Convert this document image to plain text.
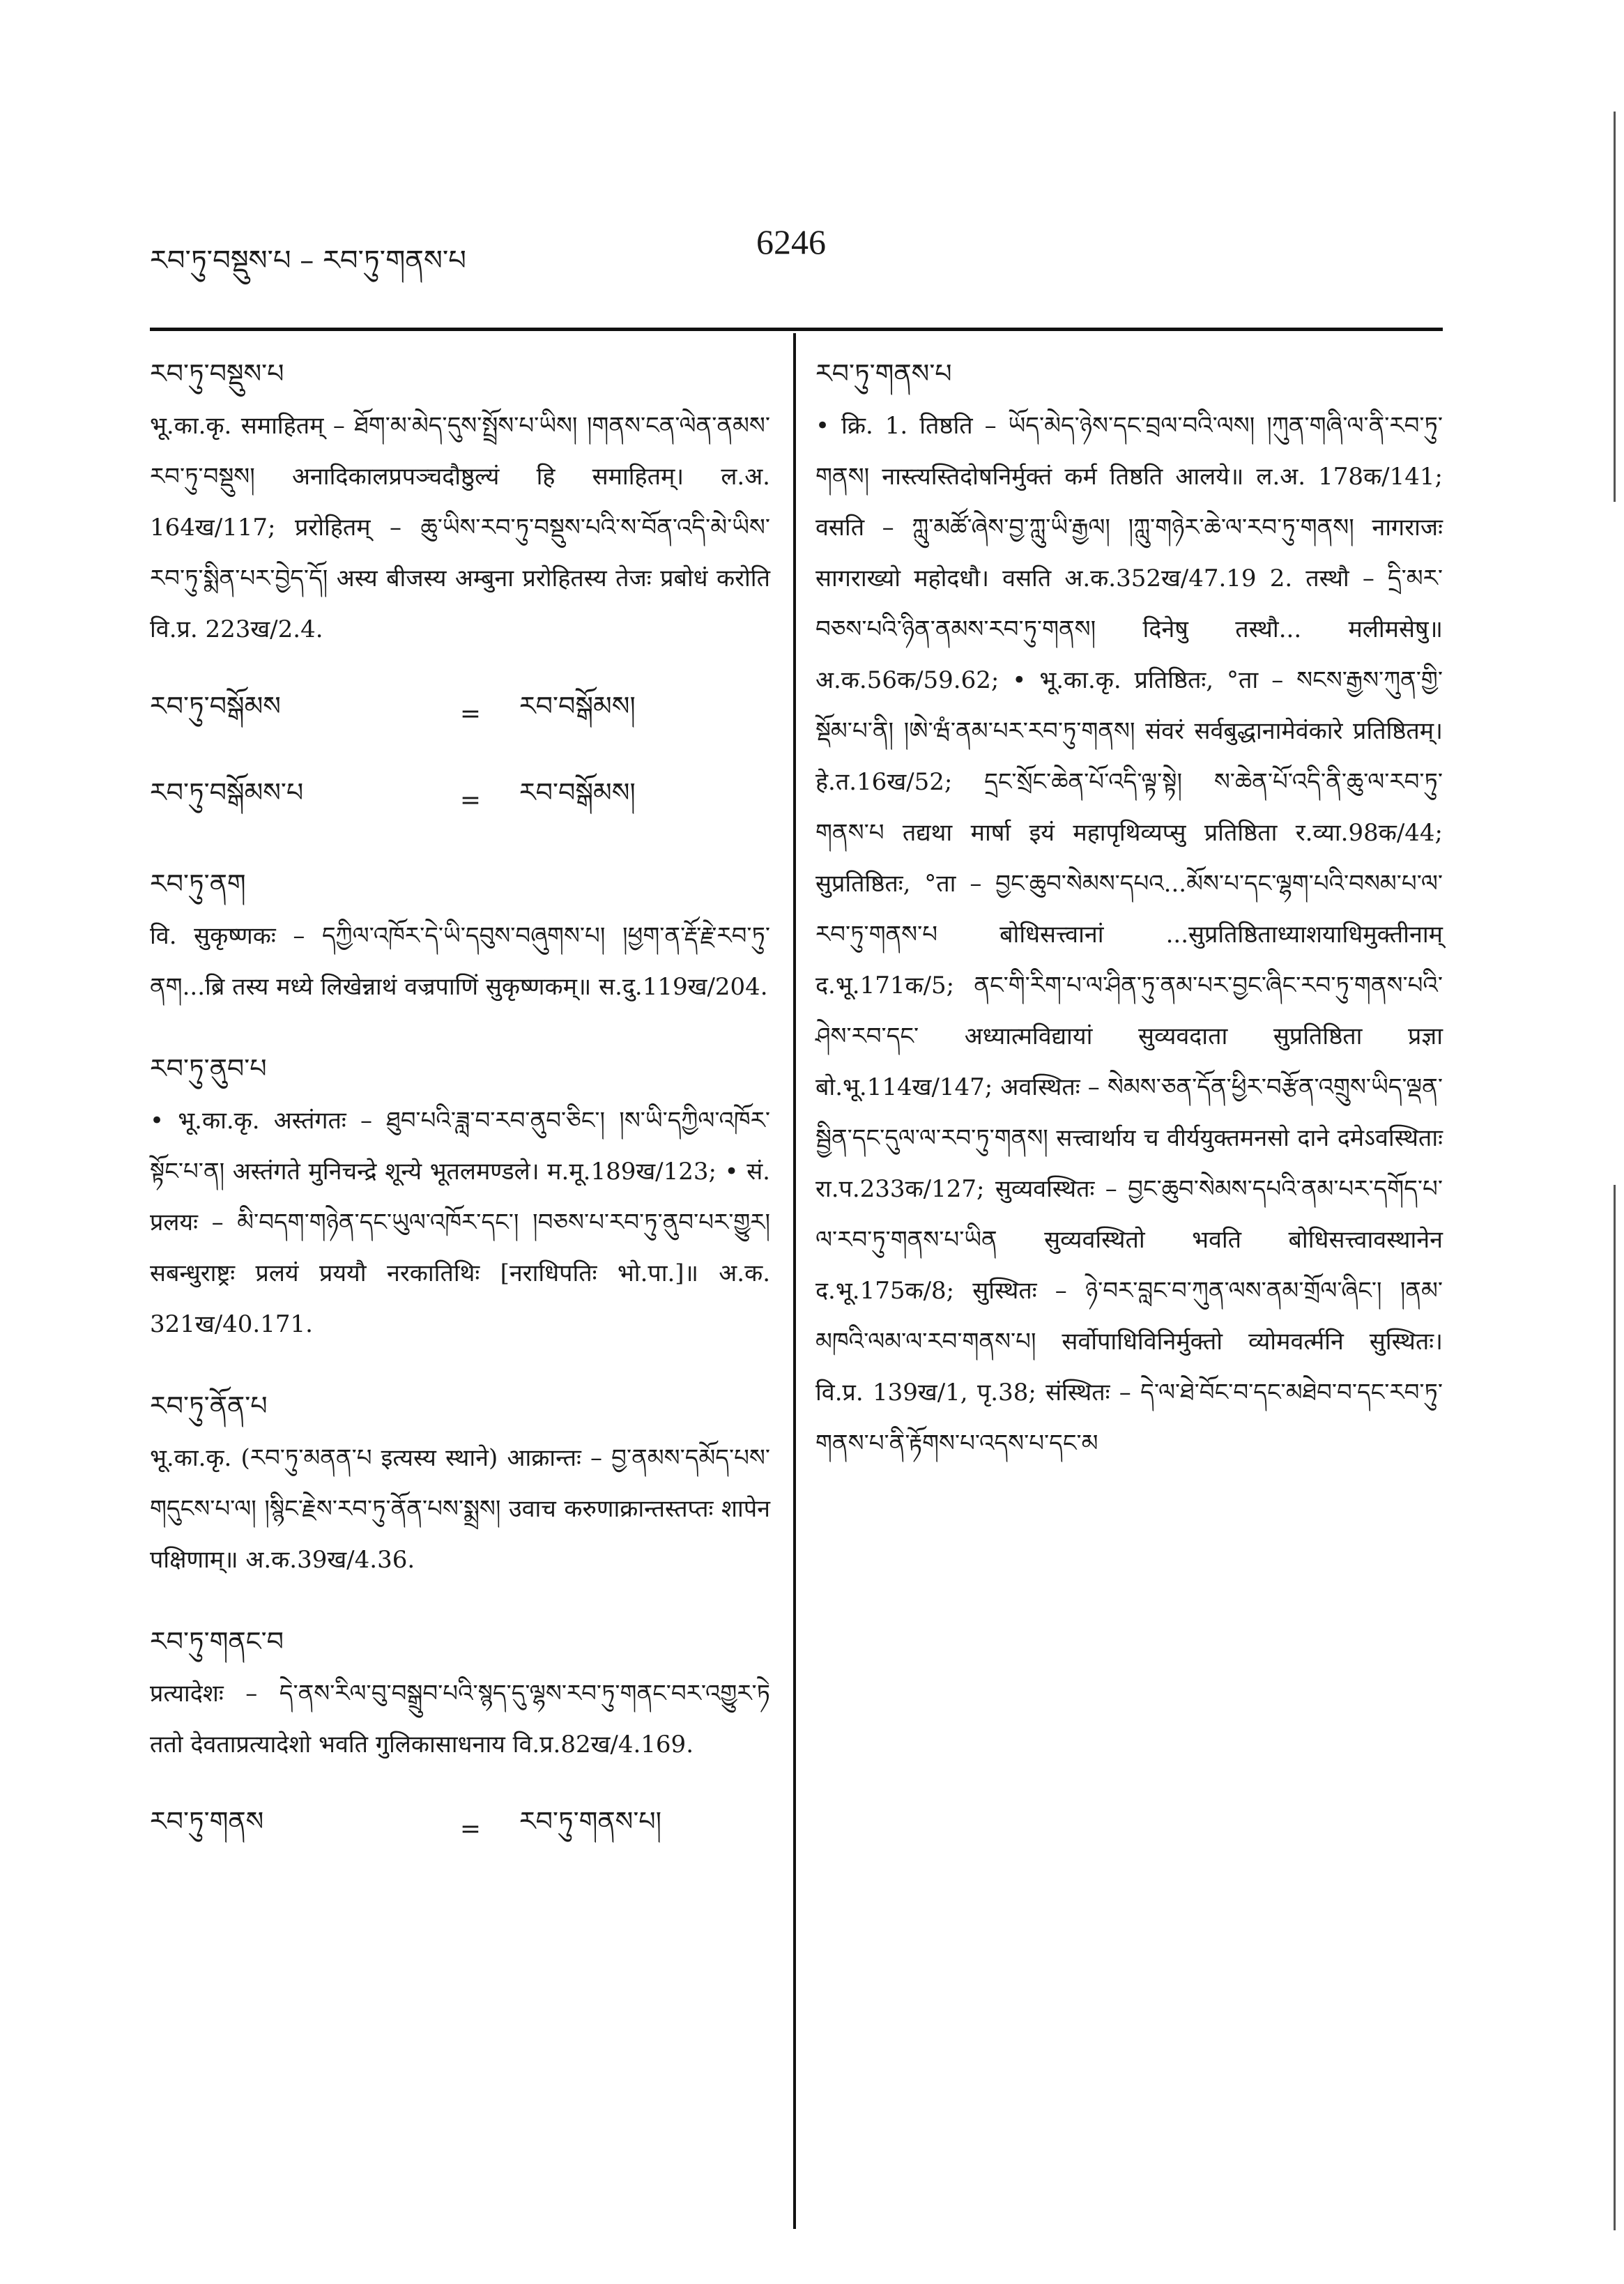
རབ་ཏུ་བསྡུས་པ – རབ་ཏུ་གནས་པ	6246
རབ་ཏུ་བསྡུས་པ
भू.का.कृ. समाहितम् – ཐོག་མ་མེད་དུས་སྤྲོས་པ་ཡིས། །གནས་ངན་ལེན་ནམས་རབ་ཏུ་བསྡུས། अनादिकालप्रपञ्चदौष्ठुल्यं हि समाहितम्। ल.अ. 164ख/117; प्ररोहितम् – ཆུ་ཡིས་རབ་ཏུ་བསྡུས་པའི་ས་བོན་འདི་མེ་ཡིས་རབ་ཏུ་སྨིན་པར་བྱེད་དོ། अस्य बीजस्य अम्बुना प्ररोहितस्य तेजः प्रबोधं करोति वि.प्र. 223ख/2.4.
རབ་ཏུ་བསྒོམས	=	རབ་བསྒོམས།
རབ་ཏུ་བསྒོམས་པ	=	རབ་བསྒོམས།
རབ་ཏུ་ནག
वि. सुकृष्णकः – དཀྱིལ་འཁོར་དེ་ཡི་དབུས་བཞུགས་པ། །ཕྱག་ན་རྡོ་རྗེ་རབ་ཏུ་ནག...ब्रि तस्य मध्ये लिखेन्नाथं वज्रपाणिं सुकृष्णकम्॥ स.दु.119ख/204.
རབ་ཏུ་ནུབ་པ
• भू.का.कृ. अस्तंगतः – ཐུབ་པའི་ཟླ་བ་རབ་ནུབ་ཅིང་། །ས་ཡི་དཀྱིལ་འཁོར་སྟོང་པ་ན། अस्तंगते मुनिचन्द्रे शून्ये भूतलमण्डले। म.मू.189ख/123; • सं. प्रलयः – མི་བདག་གཉེན་དང་ཡུལ་འཁོར་དང་། །བཅས་པ་རབ་ཏུ་ནུབ་པར་གྱུར། सबन्धुराष्ट्रः प्रलयं प्रययौ नरकातिथिः [नराधिपतिः भो.पा.]॥ अ.क. 321ख/40.171.
རབ་ཏུ་ནོན་པ
भू.का.कृ. (རབ་ཏུ་མནན་པ इत्यस्य स्थाने) आक्रान्तः – བྱ་ནམས་དམོད་པས་གདུངས་པ་ལ། །སྙིང་རྗེས་རབ་ཏུ་ནོན་པས་སྨྲས། उवाच करुणाक्रान्तस्तप्तः शापेन पक्षिणाम्॥ अ.क.39ख/4.36.
རབ་ཏུ་གནང་བ
प्रत्यादेशः – དེ་ནས་རིལ་བུ་བསྒྲུབ་པའི་སྙད་དུ་ལྷས་རབ་ཏུ་གནང་བར་འགྱུར་ཏེ ततो देवताप्रत्यादेशो भवति गुलिकासाधनाय वि.प्र.82ख/4.169.
རབ་ཏུ་གནས	=	རབ་ཏུ་གནས་པ།
རབ་ཏུ་གནས་པ
• क्रि. 1. तिष्ठति – ཡོད་མེད་ཉེས་དང་བྲལ་བའི་ལས། །ཀུན་གཞི་ལ་ནི་རབ་ཏུ་གནས། नास्त्यस्तिदोषनिर्मुक्तं कर्म तिष्ठति आलये॥ ल.अ. 178क/141; वसति – ཀླུ་མཚོ་ཞེས་བྱ་ཀླུ་ཡི་རྒྱལ། །ཀླུ་གཉེར་ཆེ་ལ་རབ་ཏུ་གནས། नागराजः सागराख्यो महोदधौ। वसति अ.क.352ख/47.19 2. तस्थौ – དྲི་མར་བཅས་པའི་ཉིན་ནམས་རབ་ཏུ་གནས། दिनेषु तस्थौ... मलीमसेषु॥ अ.क.56क/59.62; • भू.का.कृ. प्रतिष्ठितः, °ता – སངས་རྒྱས་ཀུན་གྱི་སྡོམ་པ་ནི། །ཨེ་ཝཾ་ནམ་པར་རབ་ཏུ་གནས། संवरं सर्वबुद्धानामेवंकारे प्रतिष्ठितम्। हे.त.16ख/52; དྲང་སྲོང་ཆེན་པོ་འདི་ལྟ་སྟེ། ས་ཆེན་པོ་འདི་ནི་ཆུ་ལ་རབ་ཏུ་གནས་པ तद्यथा मार्षा इयं महापृथिव्यप्सु प्रतिष्ठिता र.व्या.98क/44; सुप्रतिष्ठितः, °ता – བྱང་ཆུབ་སེམས་དཔའ...མོས་པ་དང་ལྷག་པའི་བསམ་པ་ལ་རབ་ཏུ་གནས་པ बोधिसत्त्वानां ...सुप्रतिष्ठिताध्याशयाधिमुक्तीनाम् द.भू.171क/5; ནང་གི་རིག་པ་ལ་ཤིན་ཏུ་ནམ་པར་བྱང་ཞིང་རབ་ཏུ་གནས་པའི་ཤེས་རབ་དང་ अध्यात्मविद्यायां सुव्यवदाता सुप्रतिष्ठिता प्रज्ञा बो.भू.114ख/147; अवस्थितः – སེམས་ཅན་དོན་ཕྱིར་བརྩོན་འགྲུས་ཡིད་ལྡན་སྦྱིན་དང་དུལ་ལ་རབ་ཏུ་གནས། सत्त्वार्थाय च वीर्ययुक्तमनसो दाने दमेऽवस्थिताः रा.प.233क/127; सुव्यवस्थितः – བྱང་ཆུབ་སེམས་དཔའི་ནམ་པར་དགོད་པ་ལ་རབ་ཏུ་གནས་པ་ཡིན सुव्यवस्थितो भवति बोधिसत्त्वावस्थानेन द.भू.175क/8; सुस्थितः – ཉེ་བར་བླང་བ་ཀུན་ལས་ནམ་གྲོལ་ཞིང་། །ནམ་མཁའི་ལམ་ལ་རབ་གནས་པ། सर्वोपाधिविनिर्मुक्तो व्योमवर्त्मनि सुस्थितः। वि.प्र. 139ख/1, पृ.38; संस्थितः – དེ་ལ་ཐེ་བོང་བ་དང་མཐེབ་བ་དང་རབ་ཏུ་གནས་པ་ནི་རྟོགས་པ་འདས་པ་དང་མ
